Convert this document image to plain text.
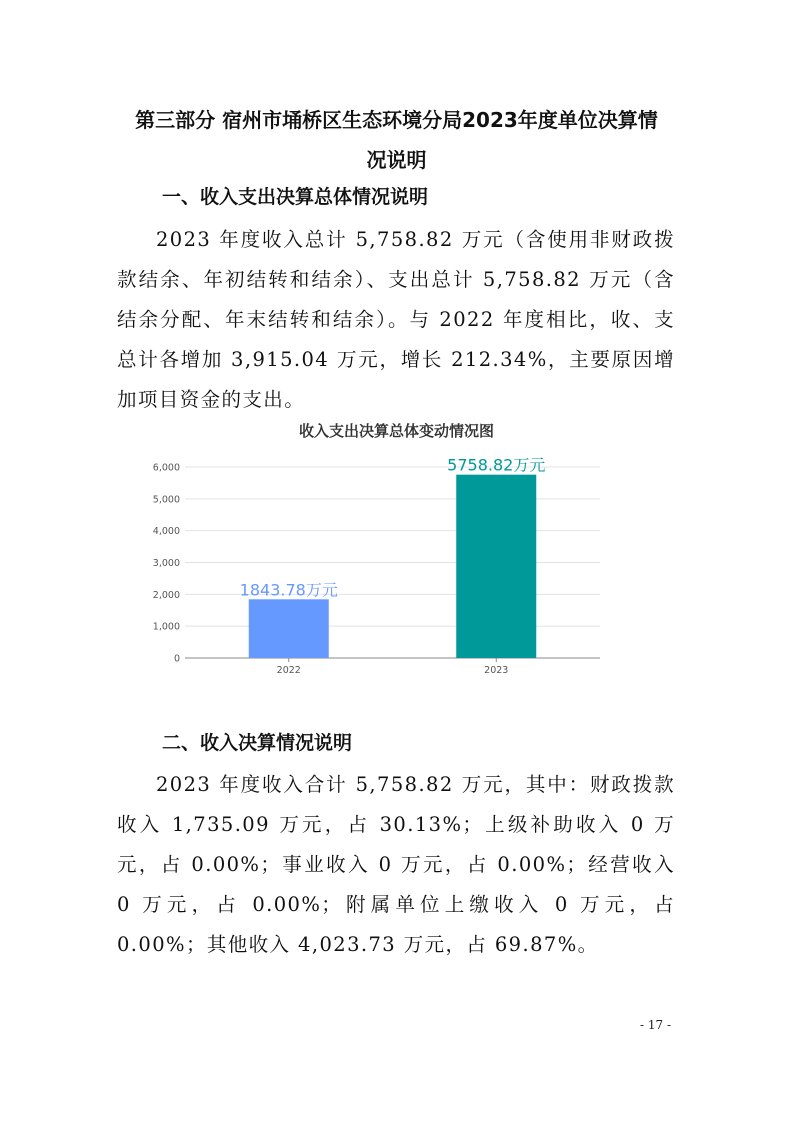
第三部分 宿州市埇桥区生态环境分局2023年度单位决算情
况说明
一、收入支出决算总体情况说明
2023 年度收入总计 5,758.82 万元（含使用非财政拨款结余、年初结转和结余）、支出总计 5,758.82 万元（含结余分配、年末结转和结余）。与 2022 年度相比，收、支总计各增加 3,915.04 万元，增长 212.34%，主要原因增加项目资金的支出。
收入支出决算总体变动情况图
0
1,000
2,000
3,000
4,000
5,000
6,000
1843.78万元
2022
5758.82万元
2023
二、收入决算情况说明
2023 年度收入合计 5,758.82 万元，其中：财政拨款收入 1,735.09 万元，占 30.13%；上级补助收入 0 万元，占 0.00%；事业收入 0 万元，占 0.00%；经营收入 0 万元，占 0.00%；附属单位上缴收入 0 万元，占 0.00%；其他收入 4,023.73 万元，占 69.87%。
- 17 -
